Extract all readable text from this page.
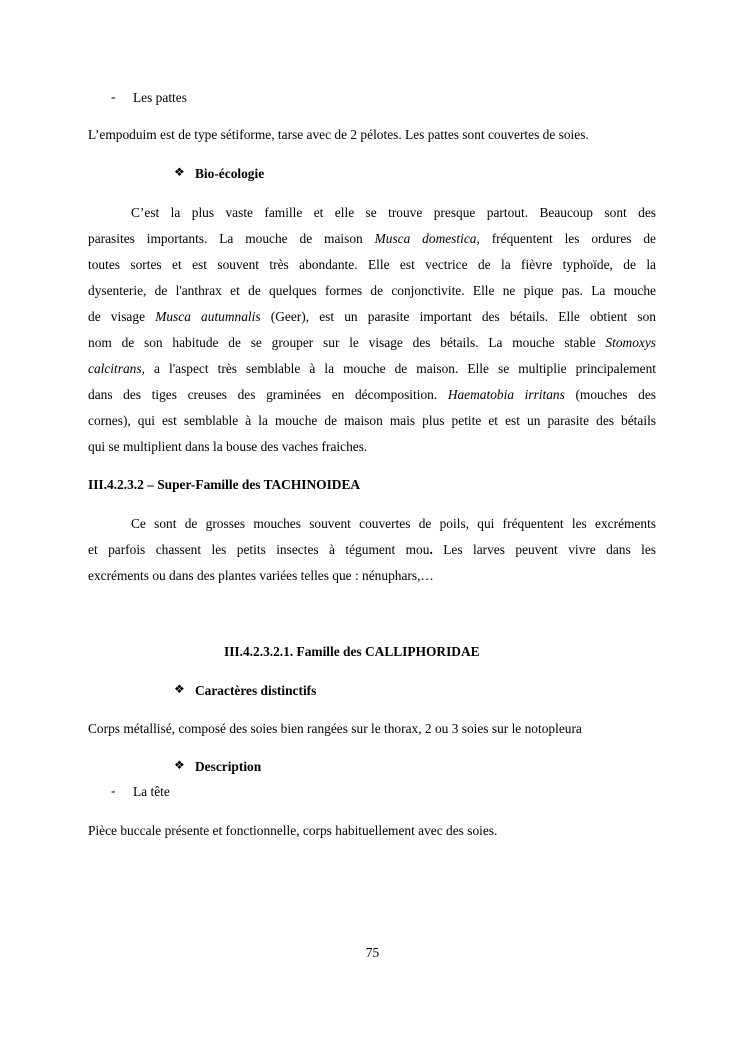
- Les pattes
L’empoduim est de type sétiforme, tarse avec de 2 pélotes. Les pattes sont couvertes de soies.
❖ Bio-écologie
C’est la plus vaste famille et elle se trouve presque partout. Beaucoup sont des
parasites importants. La mouche de maison Musca domestica, fréquentent les ordures de
toutes sortes et est souvent très abondante. Elle est vectrice de la fièvre typhoïde, de la
dysenterie, de l'anthrax et de quelques formes de conjonctivite. Elle ne pique pas. La mouche
de visage Musca autumnalis (Geer), est un parasite important des bétails. Elle obtient son
nom de son habitude de se grouper sur le visage des bétails. La mouche stable Stomoxys
calcitrans, a l'aspect très semblable à la mouche de maison. Elle se multiplie principalement
dans des tiges creuses des graminées en décomposition. Haematobia irritans (mouches des
cornes), qui est semblable à la mouche de maison mais plus petite et est un parasite des bétails
qui se multiplient dans la bouse des vaches fraiches.
III.4.2.3.2 – Super-Famille des TACHINOIDEA
Ce sont de grosses mouches souvent couvertes de poils, qui fréquentent les excréments
et parfois chassent les petits insectes à tégument mou. Les larves peuvent vivre dans les
excréments ou dans des plantes variées telles que : nénuphars,…
III.4.2.3.2.1. Famille des CALLIPHORIDAE
❖ Caractères distinctifs
Corps métallisé, composé des soies bien rangées sur le thorax, 2 ou 3 soies sur le notopleura
❖ Description
- La tête
Pièce buccale présente et fonctionnelle, corps habituellement avec des soies.
75
